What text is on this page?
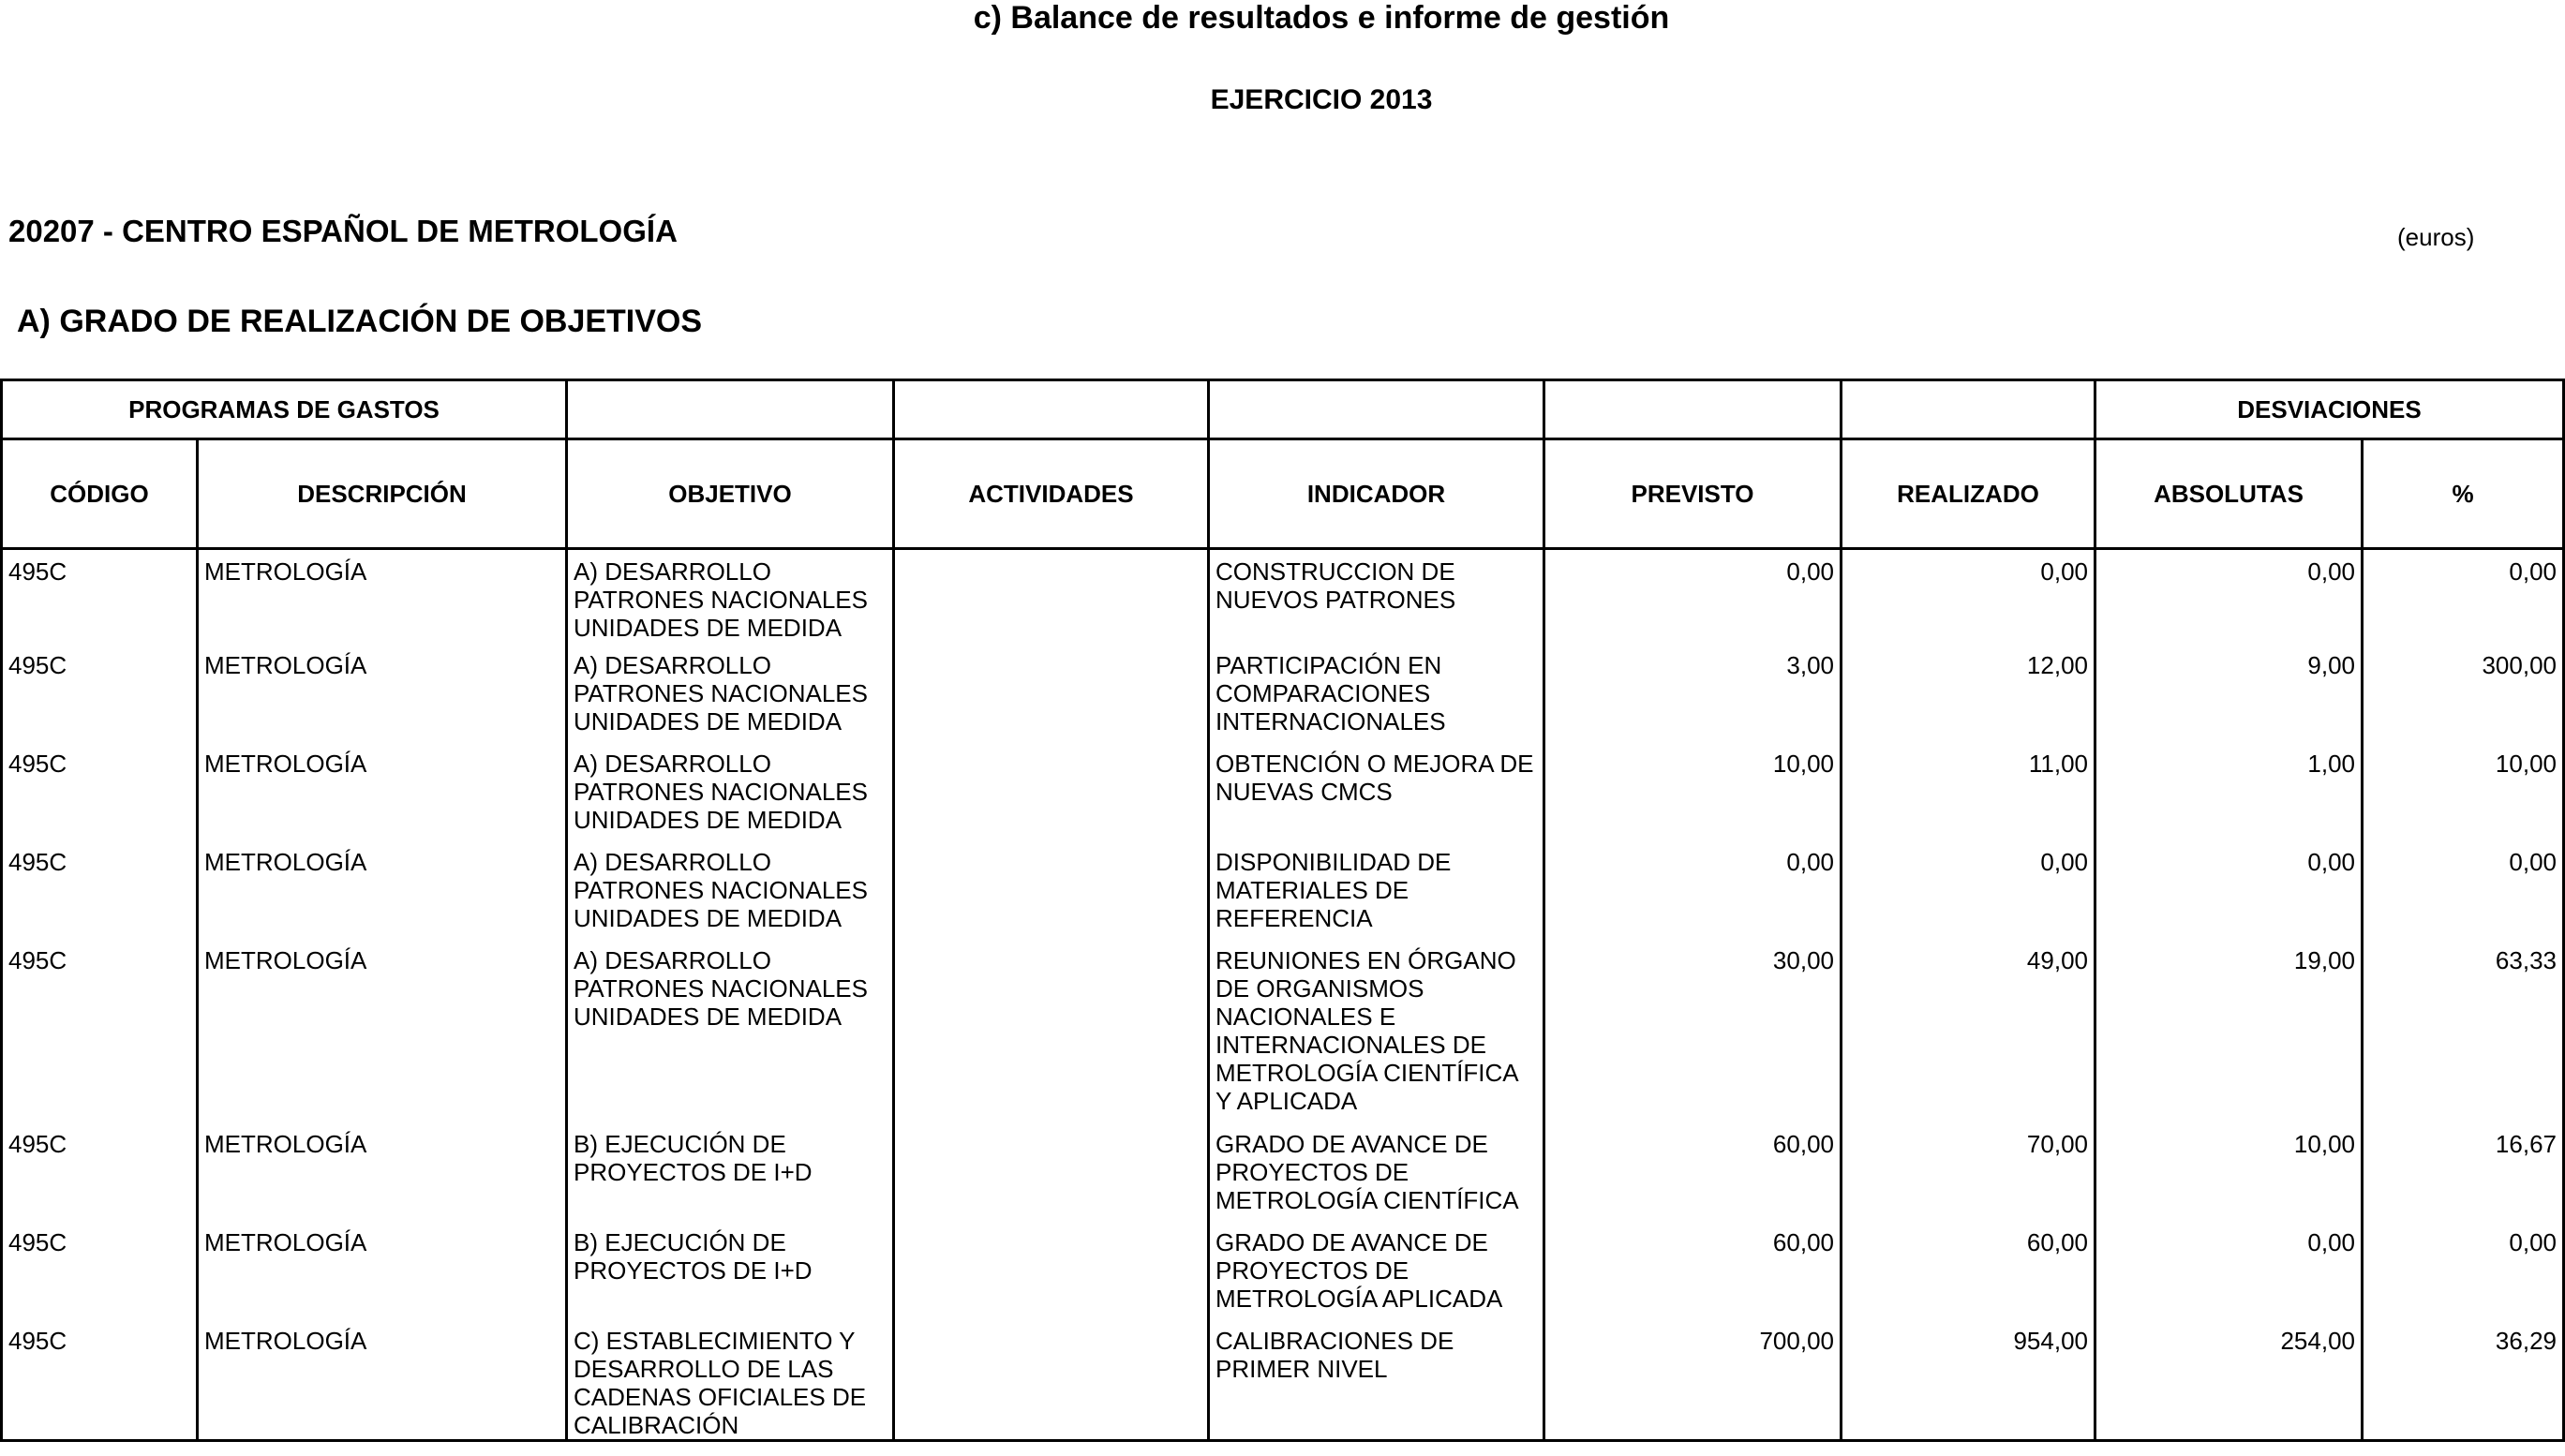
c) Balance de resultados e informe de gestión
EJERCICIO 2013
20207 - CENTRO ESPAÑOL DE METROLOGÍA	(euros)
A) GRADO DE REALIZACIÓN DE OBJETIVOS
PROGRAMAS DE GASTOS							DESVIACIONES	
CÓDIGO	DESCRIPCIÓN	OBJETIVO	ACTIVIDADES	INDICADOR	PREVISTO	REALIZADO	ABSOLUTAS	%
495C	METROLOGÍA	A) DESARROLLO PATRONES NACIONALES UNIDADES DE MEDIDA		CONSTRUCCION DE NUEVOS PATRONES	0,00	0,00	0,00	0,00
495C	METROLOGÍA	A) DESARROLLO PATRONES NACIONALES UNIDADES DE MEDIDA		PARTICIPACIÓN EN COMPARACIONES INTERNACIONALES	3,00	12,00	9,00	300,00
495C	METROLOGÍA	A) DESARROLLO PATRONES NACIONALES UNIDADES DE MEDIDA		OBTENCIÓN O MEJORA DE NUEVAS CMCS	10,00	11,00	1,00	10,00
495C	METROLOGÍA	A) DESARROLLO PATRONES NACIONALES UNIDADES DE MEDIDA		DISPONIBILIDAD DE MATERIALES DE REFERENCIA	0,00	0,00	0,00	0,00
495C	METROLOGÍA	A) DESARROLLO PATRONES NACIONALES UNIDADES DE MEDIDA		REUNIONES EN ÓRGANO DE ORGANISMOS NACIONALES E INTERNACIONALES DE METROLOGÍA CIENTÍFICA Y APLICADA	30,00	49,00	19,00	63,33
495C	METROLOGÍA	B) EJECUCIÓN DE PROYECTOS DE I+D		GRADO DE AVANCE DE PROYECTOS DE METROLOGÍA CIENTÍFICA	60,00	70,00	10,00	16,67
495C	METROLOGÍA	B) EJECUCIÓN DE PROYECTOS DE I+D		GRADO DE AVANCE DE PROYECTOS DE METROLOGÍA APLICADA	60,00	60,00	0,00	0,00
495C	METROLOGÍA	C) ESTABLECIMIENTO Y DESARROLLO DE LAS CADENAS OFICIALES DE CALIBRACIÓN		CALIBRACIONES DE PRIMER NIVEL	700,00	954,00	254,00	36,29
